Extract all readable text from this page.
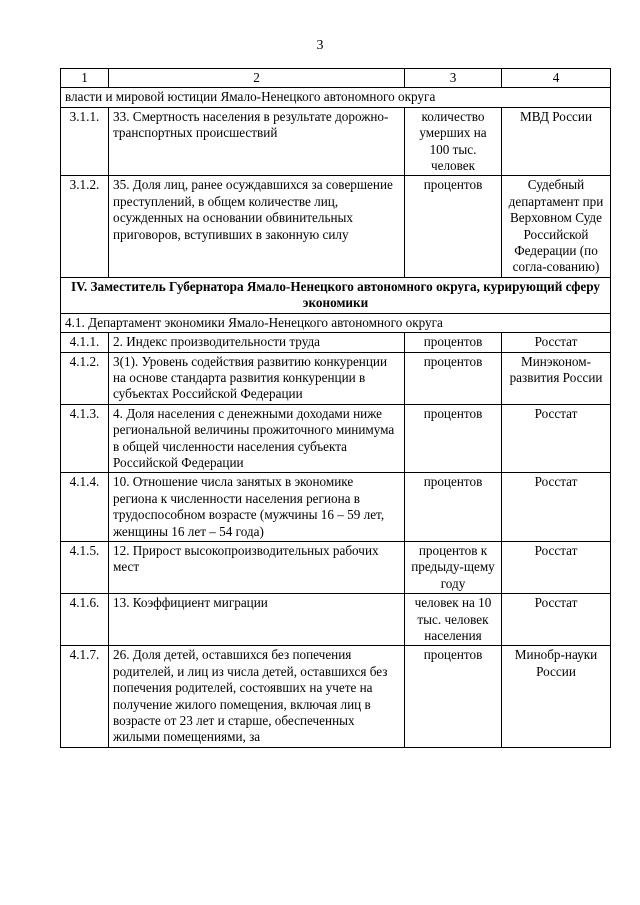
3
1	2	3	4
власти и мировой юстиции Ямало-Ненецкого автономного округа			
3.1.1.	33. Смертность населения в результате дорожно-транспортных происшествий	количество умерших на 100 тыс. человек	МВД России
3.1.2.	35. Доля лиц, ранее осуждавшихся за совершение преступлений, в общем количестве лиц, осужденных на основании обвинительных приговоров, вступивших в законную силу	процентов	Судебный департамент при Верховном Суде Российской Федерации (по согла-сованию)
IV. Заместитель Губернатора Ямало-Ненецкого автономного округа, курирующий сферу экономики			
4.1. Департамент экономики Ямало-Ненецкого автономного округа			
4.1.1.	2. Индекс производительности труда	процентов	Росстат
4.1.2.	3(1). Уровень содействия развитию конкуренции на основе стандарта развития конкуренции в субъектах Российской Федерации	процентов	Минэконом-развития России
4.1.3.	4. Доля населения с денежными доходами ниже региональной величины прожиточного минимума в общей численности населения субъекта Российской Федерации	процентов	Росстат
4.1.4.	10. Отношение числа занятых в экономике региона к численности населения региона в трудоспособном возрасте (мужчины 16 – 59 лет, женщины 16 лет – 54 года)	процентов	Росстат
4.1.5.	12. Прирост высокопроизводительных рабочих мест	процентов к предыду-щему году	Росстат
4.1.6.	13. Коэффициент миграции	человек на 10 тыс. человек населения	Росстат
4.1.7.	26. Доля детей, оставшихся без попечения родителей, и лиц из числа детей, оставшихся без попечения родителей, состоявших на учете на получение жилого помещения, включая лиц в возрасте от 23 лет и старше, обеспеченных жилыми помещениями, за	процентов	Минобр-науки России
